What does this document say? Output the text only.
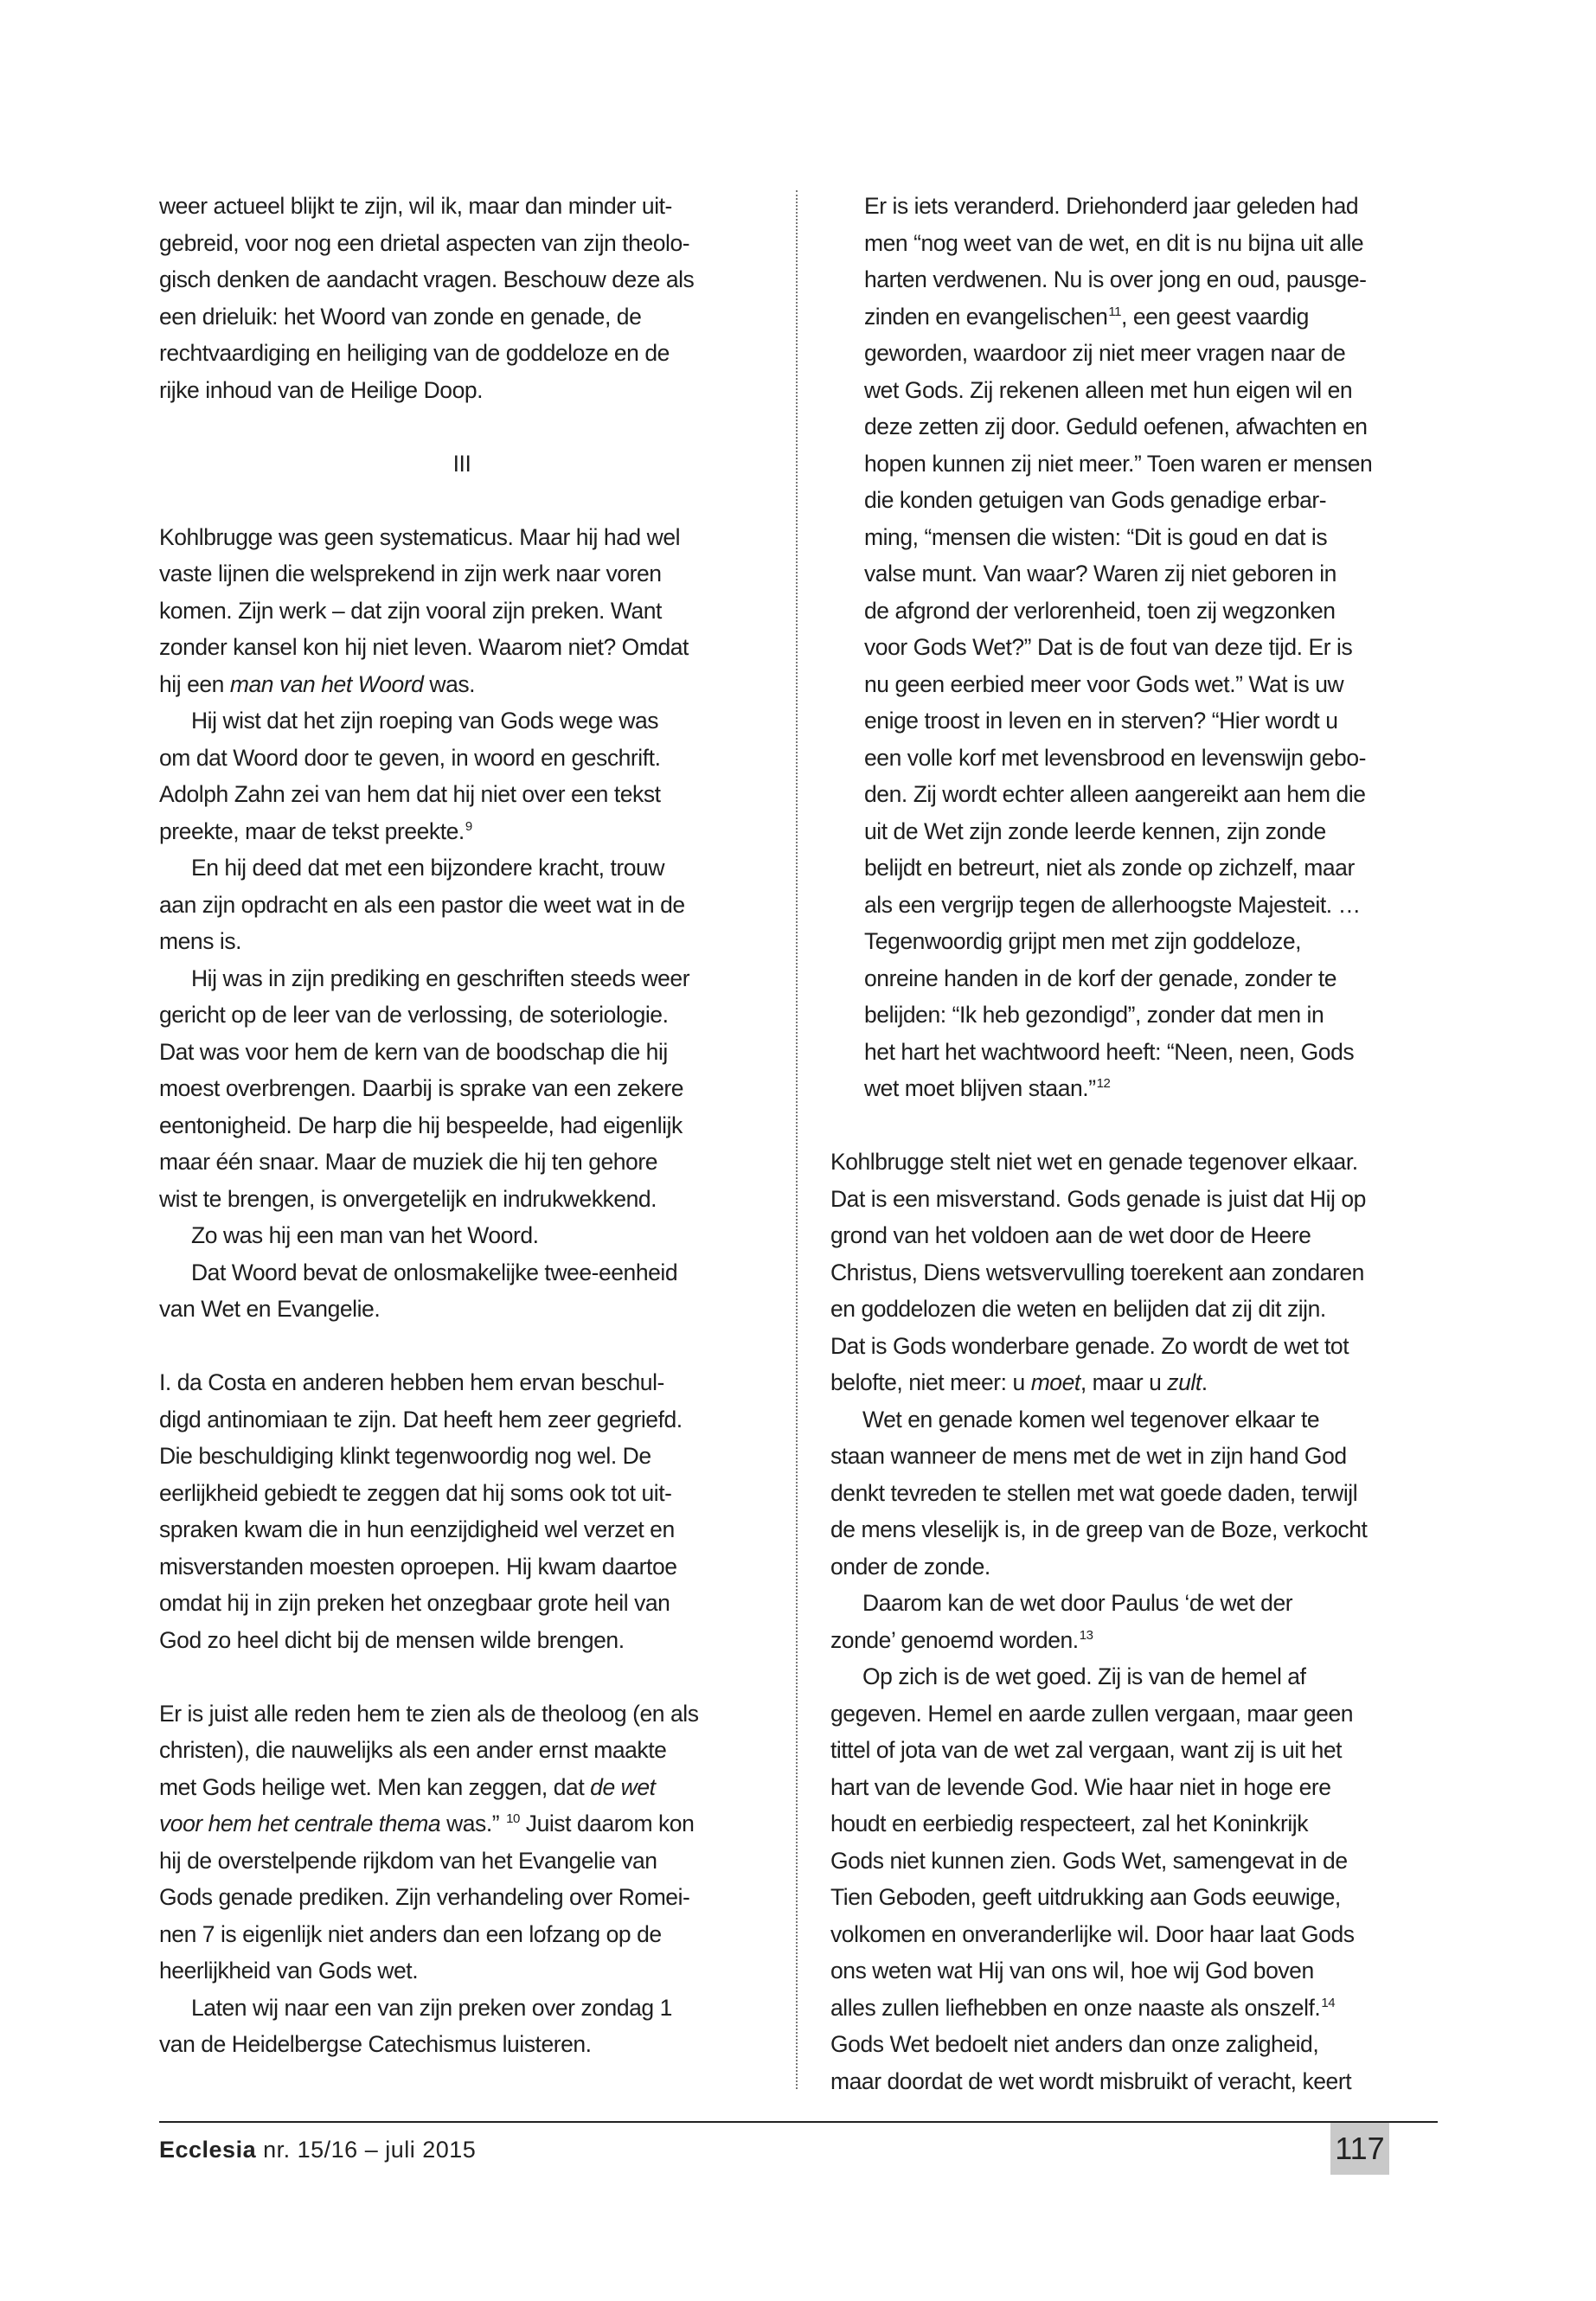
weer actueel blijkt te zijn, wil ik, maar dan minder uit-
gebreid, voor nog een drietal aspecten van zijn theolo-
gisch denken de aandacht vragen. Beschouw deze als
een drieluik: het Woord van zonde en genade, de
rechtvaardiging en heiliging van de goddeloze en de
rijke inhoud van de Heilige Doop.
III
Kohlbrugge was geen systematicus. Maar hij had wel
vaste lijnen die welsprekend in zijn werk naar voren
komen. Zijn werk – dat zijn vooral zijn preken. Want
zonder kansel kon hij niet leven. Waarom niet? Omdat
hij een man van het Woord was.
Hij wist dat het zijn roeping van Gods wege was
om dat Woord door te geven, in woord en geschrift.
Adolph Zahn zei van hem dat hij niet over een tekst
preekte, maar de tekst preekte.$^9$
En hij deed dat met een bijzondere kracht, trouw
aan zijn opdracht en als een pastor die weet wat in de
mens is.
Hij was in zijn prediking en geschriften steeds weer
gericht op de leer van de verlossing, de soteriologie.
Dat was voor hem de kern van de boodschap die hij
moest overbrengen. Daarbij is sprake van een zekere
eentonigheid. De harp die hij bespeelde, had eigenlijk
maar één snaar. Maar de muziek die hij ten gehore
wist te brengen, is onvergetelijk en indrukwekkend.
Zo was hij een man van het Woord.
Dat Woord bevat de onlosmakelijke twee-eenheid
van Wet en Evangelie.
I. da Costa en anderen hebben hem ervan beschul-
digd antinomiaan te zijn. Dat heeft hem zeer gegriefd.
Die beschuldiging klinkt tegenwoordig nog wel. De
eerlijkheid gebiedt te zeggen dat hij soms ook tot uit-
spraken kwam die in hun eenzijdigheid wel verzet en
misverstanden moesten oproepen. Hij kwam daartoe
omdat hij in zijn preken het onzegbaar grote heil van
God zo heel dicht bij de mensen wilde brengen.
Er is juist alle reden hem te zien als de theoloog (en als
christen), die nauwelijks als een ander ernst maakte
met Gods heilige wet. Men kan zeggen, dat de wet
voor hem het centrale thema was.” $^{10}$ Juist daarom kon
hij de overstelpende rijkdom van het Evangelie van
Gods genade prediken. Zijn verhandeling over Romei-
nen 7 is eigenlijk niet anders dan een lofzang op de
heerlijkheid van Gods wet.
Laten wij naar een van zijn preken over zondag 1
van de Heidelbergse Catechismus luisteren.
Er is iets veranderd. Driehonderd jaar geleden had
men “nog weet van de wet, en dit is nu bijna uit alle
harten verdwenen. Nu is over jong en oud, pausge-
zinden en evangelischen$^{11}$, een geest vaardig
geworden, waardoor zij niet meer vragen naar de
wet Gods. Zij rekenen alleen met hun eigen wil en
deze zetten zij door. Geduld oefenen, afwachten en
hopen kunnen zij niet meer.” Toen waren er mensen
die konden getuigen van Gods genadige erbar-
ming, “mensen die wisten: “Dit is goud en dat is
valse munt. Van waar? Waren zij niet geboren in
de afgrond der verlorenheid, toen zij wegzonken
voor Gods Wet?” Dat is de fout van deze tijd. Er is
nu geen eerbied meer voor Gods wet.” Wat is uw
enige troost in leven en in sterven? “Hier wordt u
een volle korf met levensbrood en levenswijn gebo-
den. Zij wordt echter alleen aangereikt aan hem die
uit de Wet zijn zonde leerde kennen, zijn zonde
belijdt en betreurt, niet als zonde op zichzelf, maar
als een vergrijp tegen de allerhoogste Majesteit. …
Tegenwoordig grijpt men met zijn goddeloze,
onreine handen in de korf der genade, zonder te
belijden: “Ik heb gezondigd”, zonder dat men in
het hart het wachtwoord heeft: “Neen, neen, Gods
wet moet blijven staan.”$^{12}$
Kohlbrugge stelt niet wet en genade tegenover elkaar.
Dat is een misverstand. Gods genade is juist dat Hij op
grond van het voldoen aan de wet door de Heere
Christus, Diens wetsvervulling toerekent aan zondaren
en goddelozen die weten en belijden dat zij dit zijn.
Dat is Gods wonderbare genade. Zo wordt de wet tot
belofte, niet meer: u moet, maar u zult.
Wet en genade komen wel tegenover elkaar te
staan wanneer de mens met de wet in zijn hand God
denkt tevreden te stellen met wat goede daden, terwijl
de mens vleselijk is, in de greep van de Boze, verkocht
onder de zonde.
Daarom kan de wet door Paulus ‘de wet der
zonde’ genoemd worden.$^{13}$
Op zich is de wet goed. Zij is van de hemel af
gegeven. Hemel en aarde zullen vergaan, maar geen
tittel of jota van de wet zal vergaan, want zij is uit het
hart van de levende God. Wie haar niet in hoge ere
houdt en eerbiedig respecteert, zal het Koninkrijk
Gods niet kunnen zien. Gods Wet, samengevat in de
Tien Geboden, geeft uitdrukking aan Gods eeuwige,
volkomen en onveranderlijke wil. Door haar laat Gods
ons weten wat Hij van ons wil, hoe wij God boven
alles zullen liefhebben en onze naaste als onszelf.$^{14}$
Gods Wet bedoelt niet anders dan onze zaligheid,
maar doordat de wet wordt misbruikt of veracht, keert
Ecclesia nr. 15/16 – juli 2015	117
